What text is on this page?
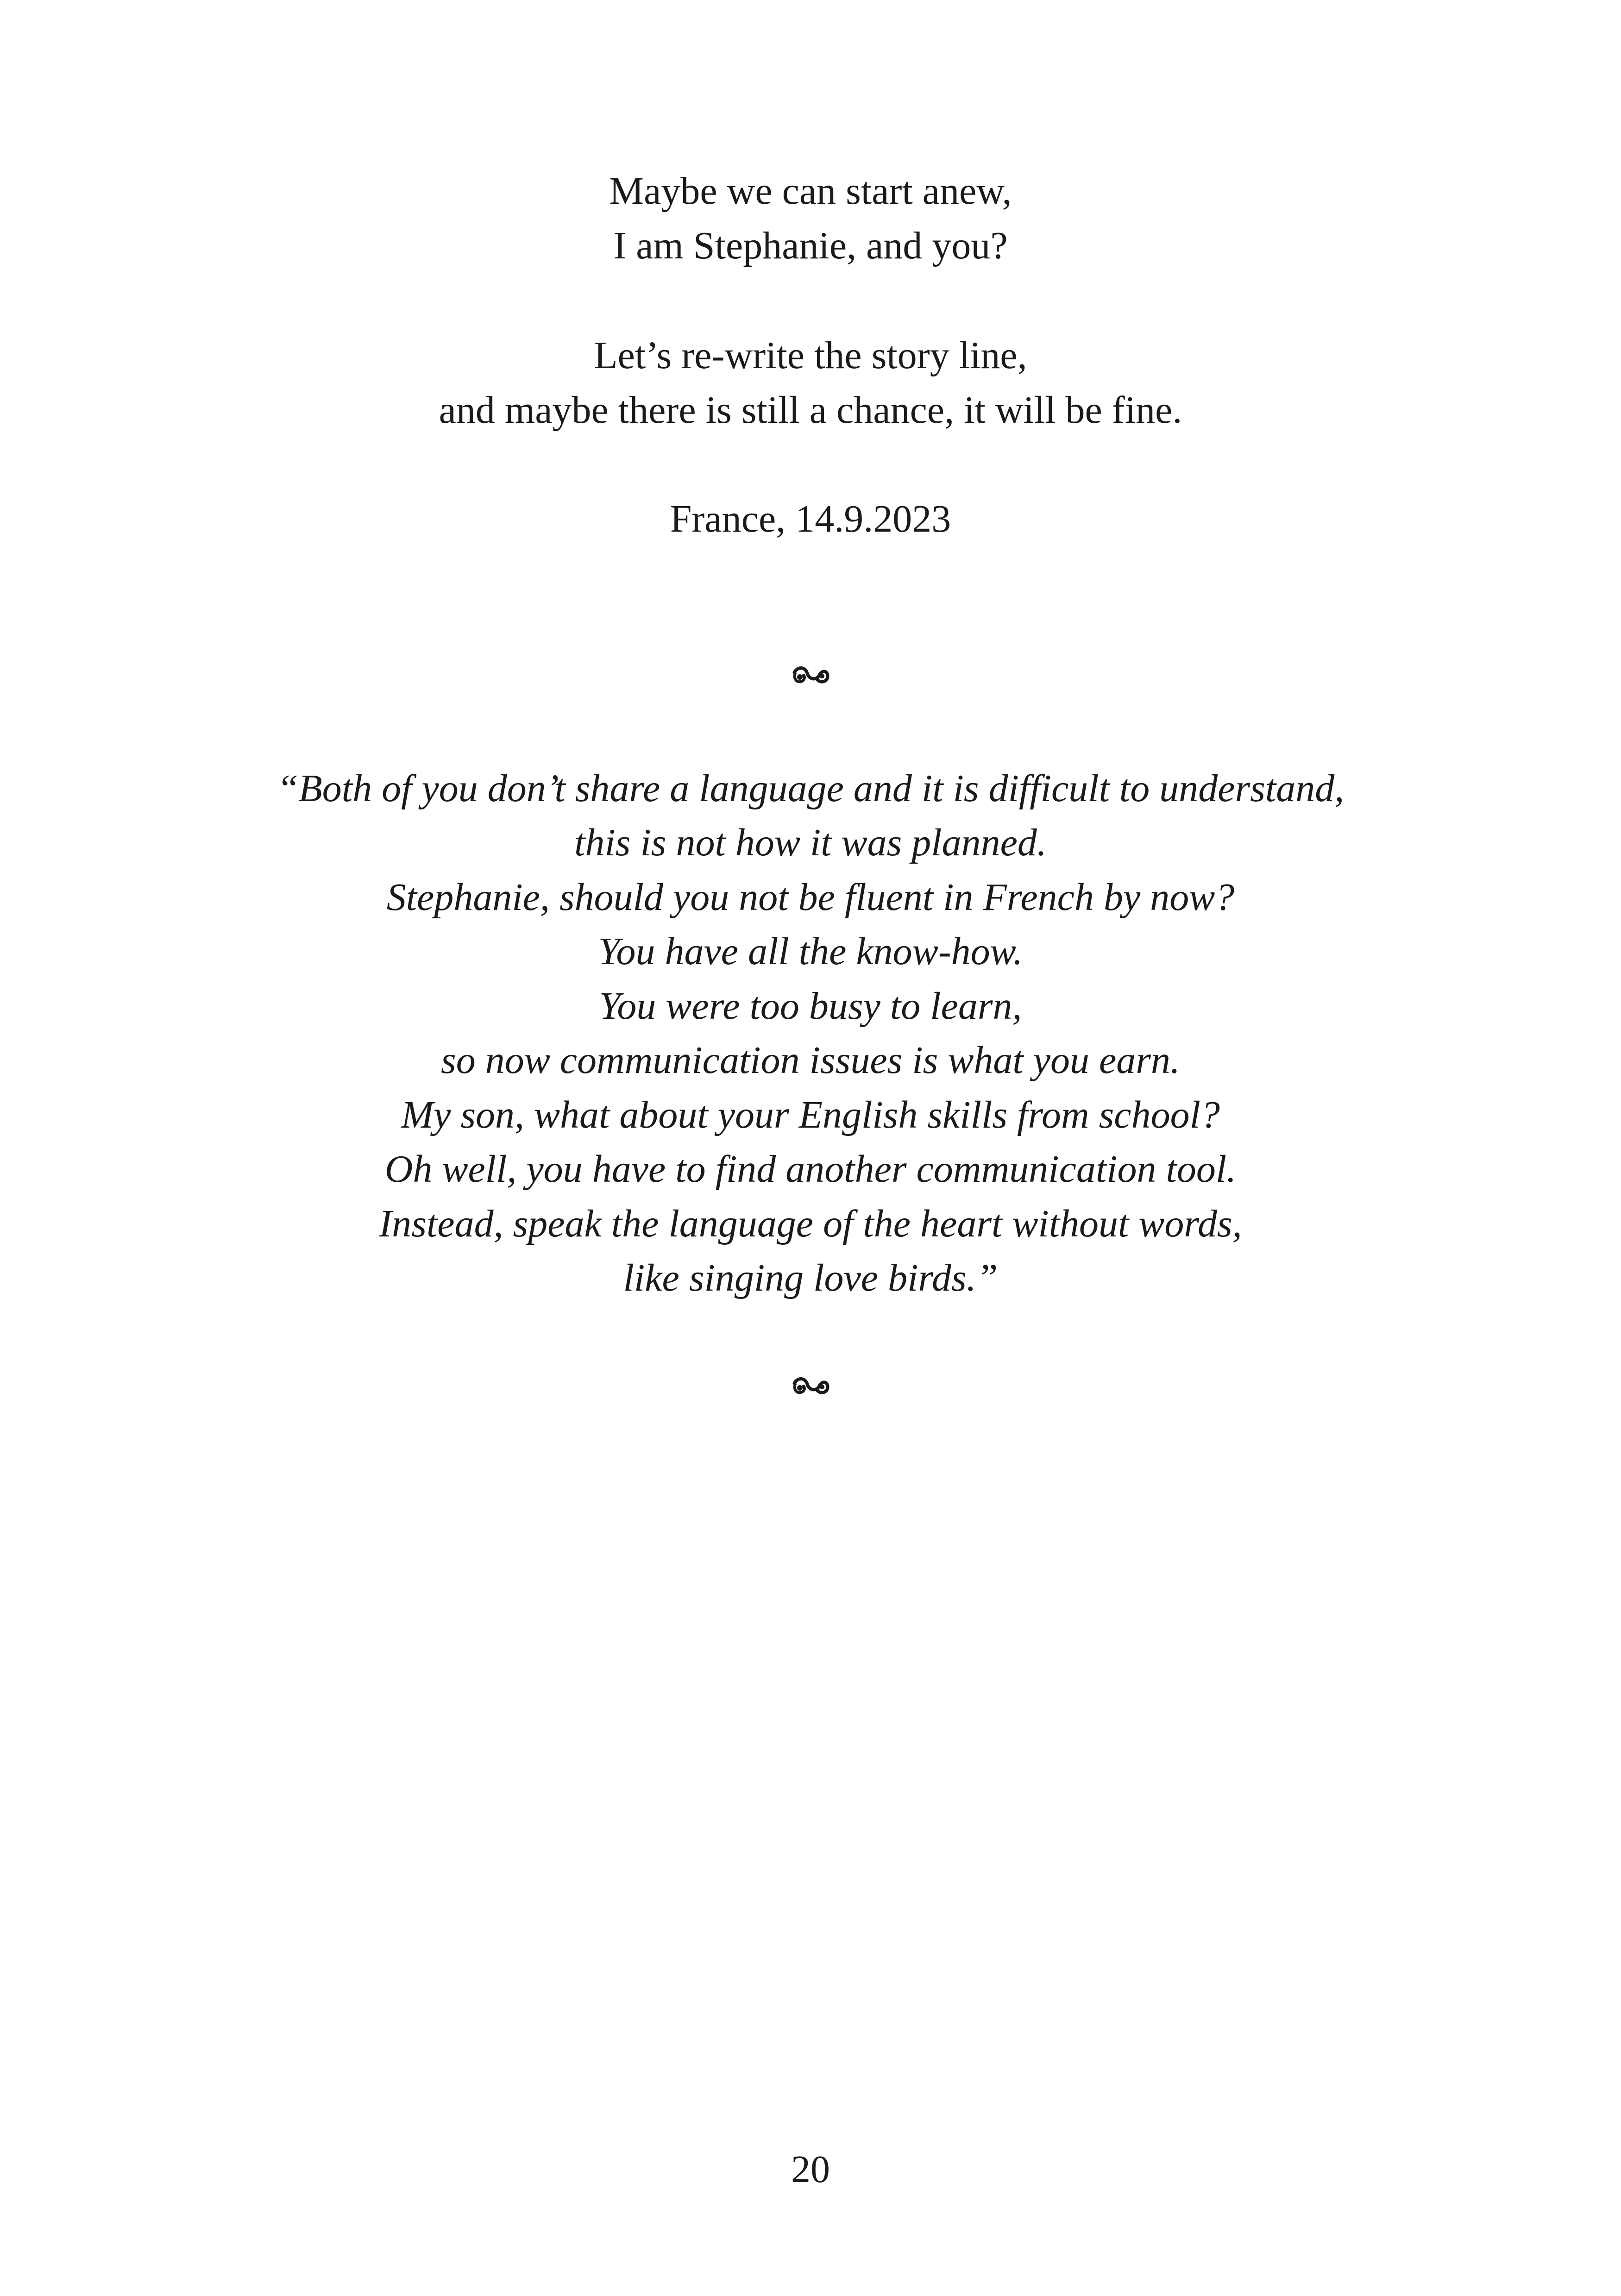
Maybe we can start anew,
I am Stephanie, and you?
Let’s re-write the story line,
and maybe there is still a chance, it will be fine.
France, 14.9.2023
“Both of you don’t share a language and it is difficult to understand,
this is not how it was planned.
Stephanie, should you not be fluent in French by now?
You have all the know-how.
You were too busy to learn,
so now communication issues is what you earn.
My son, what about your English skills from school?
Oh well, you have to find another communication tool.
Instead, speak the language of the heart without words,
like singing love birds.”
20
